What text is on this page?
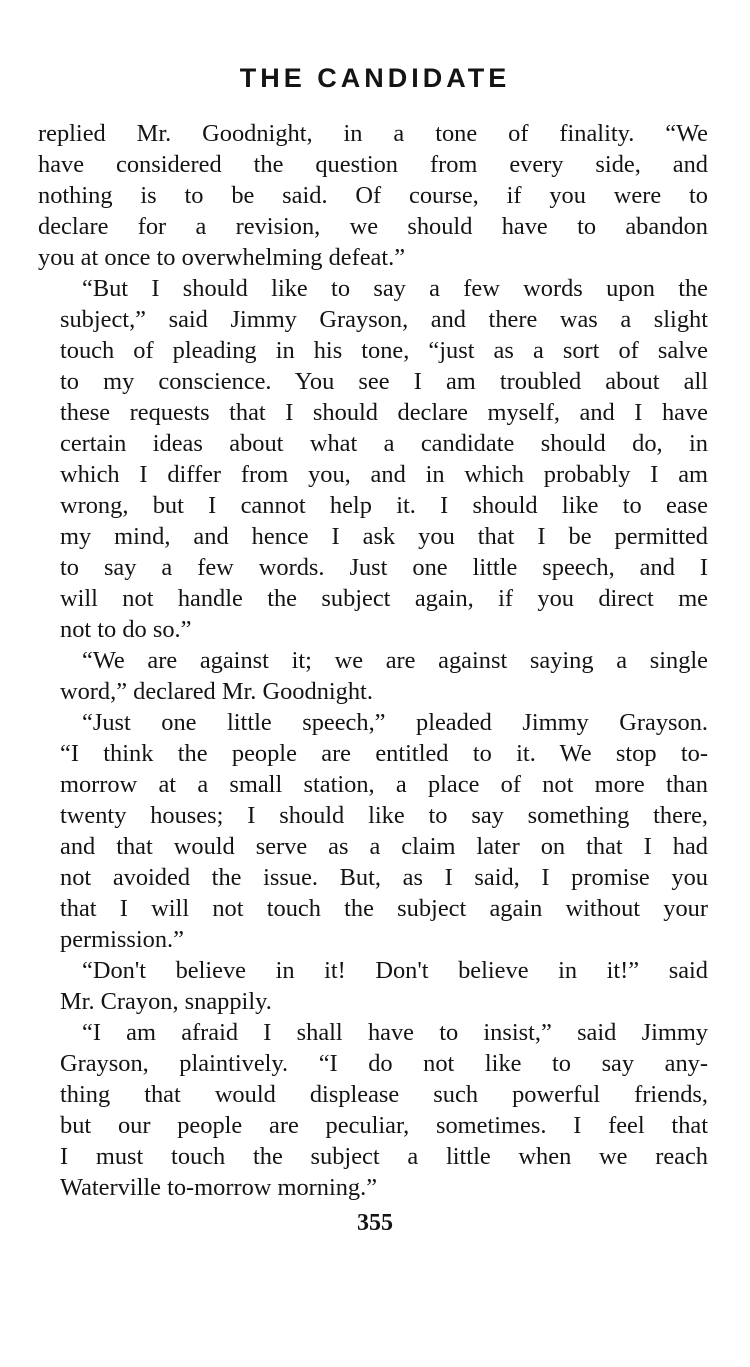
THE CANDIDATE
replied Mr. Goodnight, in a tone of finality. “We
have considered the question from every side, and
nothing is to be said. Of course, if you were to
declare for a revision, we should have to abandon
you at once to overwhelming defeat.”
“But I should like to say a few words upon the
subject,” said Jimmy Grayson, and there was a slight
touch of pleading in his tone, “just as a sort of salve
to my conscience. You see I am troubled about all
these requests that I should declare myself, and I have
certain ideas about what a candidate should do, in
which I differ from you, and in which probably I am
wrong, but I cannot help it. I should like to ease
my mind, and hence I ask you that I be permitted
to say a few words. Just one little speech, and I
will not handle the subject again, if you direct me
not to do so.”
“We are against it; we are against saying a single
word,” declared Mr. Goodnight.
“Just one little speech,” pleaded Jimmy Grayson.
“I think the people are entitled to it. We stop to-
morrow at a small station, a place of not more than
twenty houses; I should like to say something there,
and that would serve as a claim later on that I had
not avoided the issue. But, as I said, I promise you
that I will not touch the subject again without your
permission.”
“Don't believe in it! Don't believe in it!” said
Mr. Crayon, snappily.
“I am afraid I shall have to insist,” said Jimmy
Grayson, plaintively. “I do not like to say any-
thing that would displease such powerful friends,
but our people are peculiar, sometimes. I feel that
I must touch the subject a little when we reach
Waterville to-morrow morning.”
355
